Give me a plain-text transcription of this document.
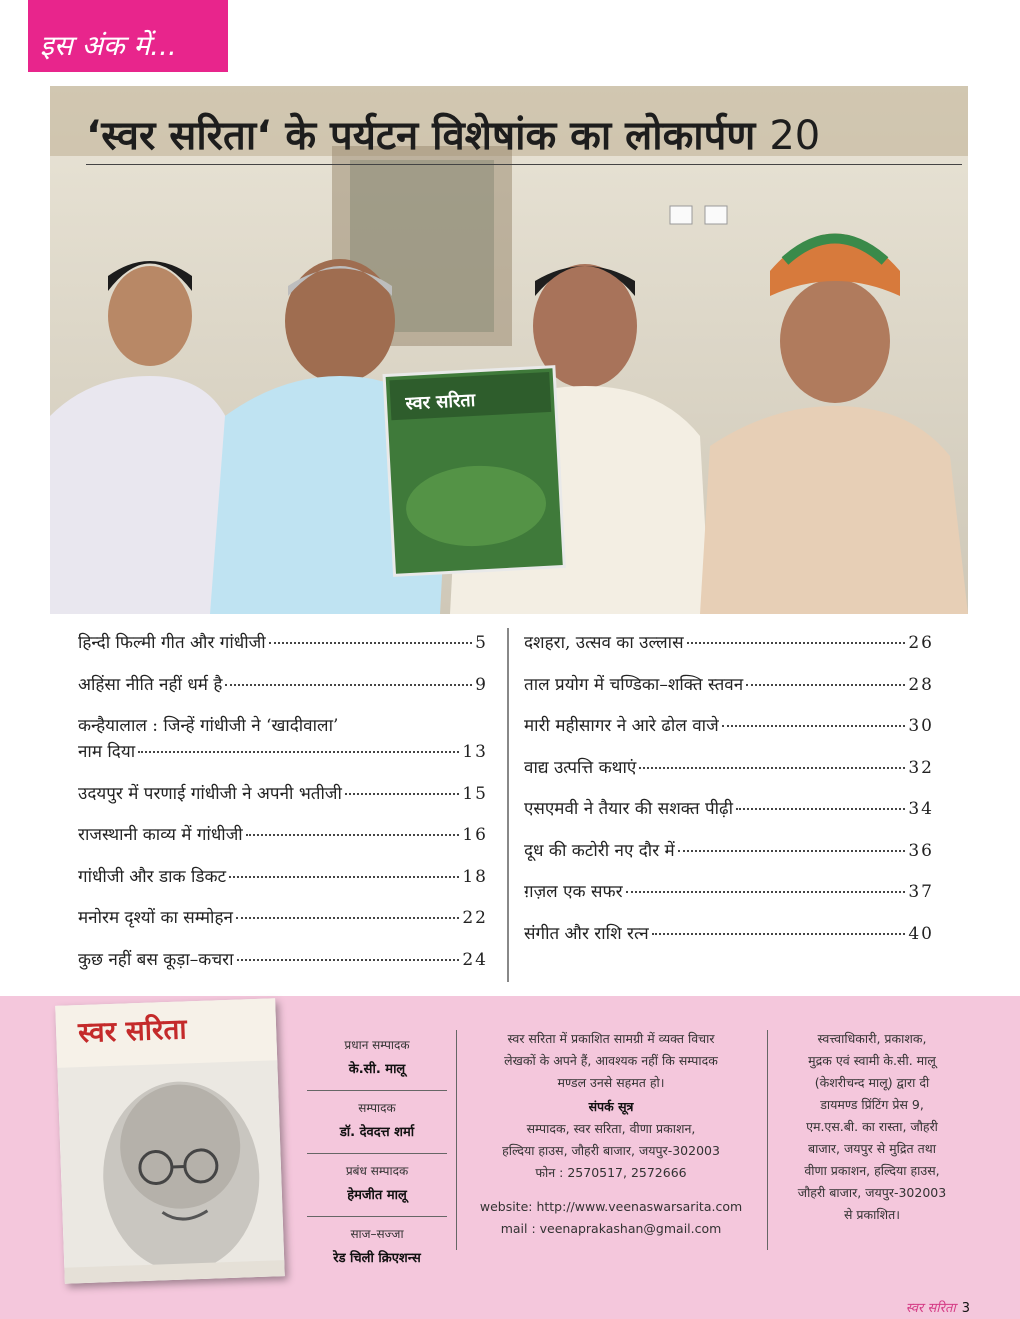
इस अंक में...
स्वर सरिता
‘स्वर सरिता‘ के पर्यटन विशेषांक का लोकार्पण 20
हिन्दी फिल्मी गीत और गांधीजी	5
अहिंसा नीति नहीं धर्म है	9
कन्हैयालाल : जिन्हें गांधीजी ने ‘खादीवाला’
नाम दिया	13
उदयपुर में परणाई गांधीजी ने अपनी भतीजी	15
राजस्थानी काव्य में गांधीजी	16
गांधीजी और डाक डिकट	18
मनोरम दृश्यों का सम्मोहन	22
कुछ नहीं बस कूड़ा–कचरा	24
दशहरा, उत्सव का उल्लास	26
ताल प्रयोग में चण्डिका–शक्ति स्तवन	28
मारी महीसागर ने आरे ढोल वाजे	30
वाद्य उत्पत्ति कथाएं	32
एसएमवी ने तैयार की सशक्त पीढ़ी	34
दूध की कटोरी नए दौर में	36
ग़ज़ल एक सफर	37
संगीत और राशि रत्न	40
स्वर सरिता	प्रधान सम्पादक
के.सी. मालू
सम्पादक
डॉ. देवदत्त शर्मा
प्रबंध सम्पादक
हेमजीत मालू
साज–सज्जा
रेड चिली क्रिएशन्स
स्वर सरिता में प्रकाशित सामग्री में व्यक्त विचार
लेखकों के अपने हैं, आवश्यक नहीं कि सम्पादक
मण्डल उनसे सहमत हो।
संपर्क सूत्र
सम्पादक, स्वर सरिता, वीणा प्रकाशन,
हल्दिया हाउस, जौहरी बाजार, जयपुर-302003
फोन : 2570517, 2572666
website: http://www.veenaswarsarita.com
mail : veenaprakashan@gmail.com
स्वत्त्वाधिकारी, प्रकाशक,
मुद्रक एवं स्वामी के.सी. मालू
(केशरीचन्द मालू) द्वारा दी
डायमण्ड प्रिंटिंग प्रेस 9,
एम.एस.बी. का रास्ता, जौहरी
बाजार, जयपुर से मुद्रित तथा
वीणा प्रकाशन, हल्दिया हाउस,
जौहरी बाजार, जयपुर-302003
से प्रकाशित।
स्वर सरिता 3
